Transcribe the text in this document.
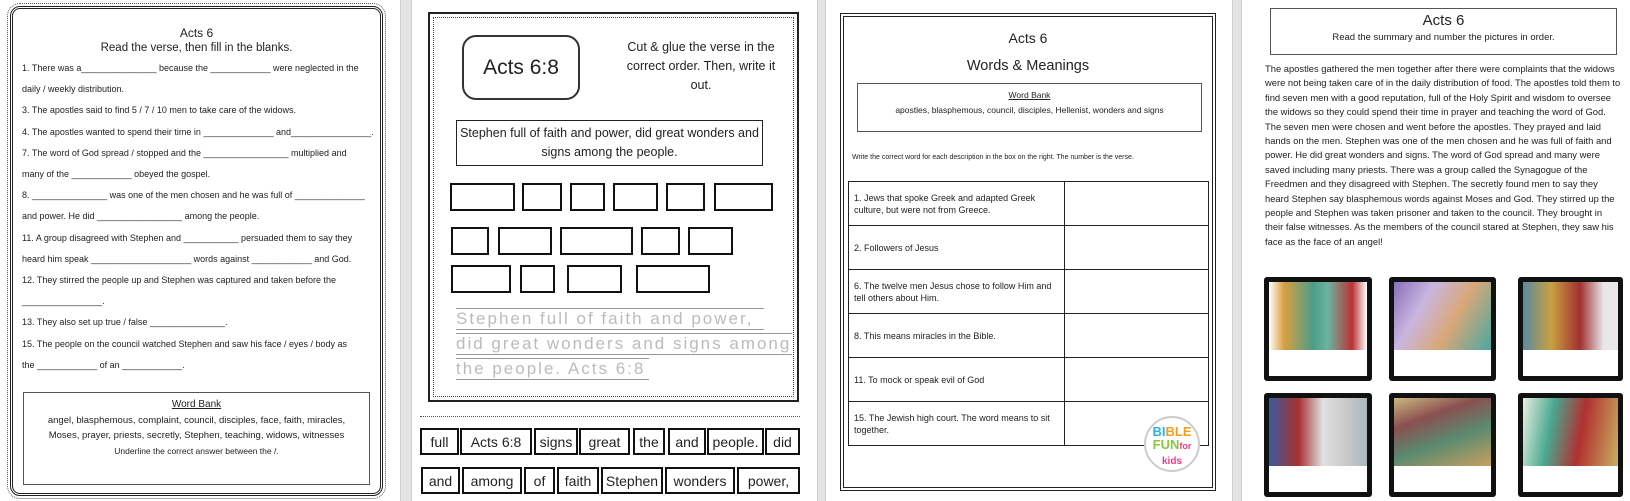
Acts 6
Read the verse, then fill in the blanks.
1. There was a_______________ because the ____________ were neglected in the
daily / weekly distribution.
3. The apostles said to find 5 / 7 / 10 men to take care of the widows.
4. The apostles wanted to spend their time in ______________ and________________.
7. The word of God spread / stopped and the _________________ multiplied and
many of the ____________ obeyed the gospel.
8. _______________ was one of the men chosen and he was full of ______________
and power. He did _________________ among the people.
11. A group disagreed with Stephen and ___________ persuaded them to say they
heard him speak ____________________ words against ____________ and God.
12. They stirred the people up and Stephen was captured and taken before the
________________.
13. They also set up true / false _______________.
15. The people on the council watched Stephen and saw his face / eyes / body as
the ____________ of an ____________.
Word Bank
angel, blasphemous, complaint, council, disciples, face, faith, miracles, Moses, prayer, priests, secretly, Stephen, teaching, widows, witnesses
Underline the correct answer between the /.
Acts 6:8
Cut & glue the verse in the correct order. Then, write it out.
Stephen full of faith and power, did great wonders and signs among the people.
Stephen full of faith and power,
did great wonders and signs among
the people. Acts 6:8
full	Acts 6:8	signs	great	the	and people.	did
and	among	of	faith	Stephen	wonders	power,
Acts 6
Words & Meanings
Word Bank
apostles, blasphemous, council, disciples, Hellenist, wonders and signs
Write the correct word for each description in the box on the right. The number is the verse.
1. Jews that spoke Greek and adapted Greek culture, but were not from Greece.	
2. Followers of Jesus	
6. The twelve men Jesus chose to follow Him and tell others about Him.	
8. This means miracles in the Bible.	
11. To mock or speak evil of God	
15. The Jewish high court. The word means to sit together.		BIBLE
FUNfor
kids
Acts 6
Read the summary and number the pictures in order.
The apostles gathered the men together after there were complaints that the widows were not being taken care of in the daily distribution of food. The apostles told them to find seven men with a good reputation, full of the Holy Spirit and wisdom to oversee the widows so they could spend their time in prayer and teaching the word of God. The seven men were chosen and went before the apostles. They prayed and laid hands on the men. Stephen was one of the men chosen and he was full of faith and power. He did great wonders and signs. The word of God spread and many were saved including many priests. There was a group called the Synagogue of the Freedmen and they disagreed with Stephen. The secretly found men to say they heard Stephen say blasphemous words against Moses and God. They stirred up the people and Stephen was taken prisoner and taken to the council. They brought in their false witnesses. As the members of the council stared at Stephen, they saw his face as the face of an angel!
